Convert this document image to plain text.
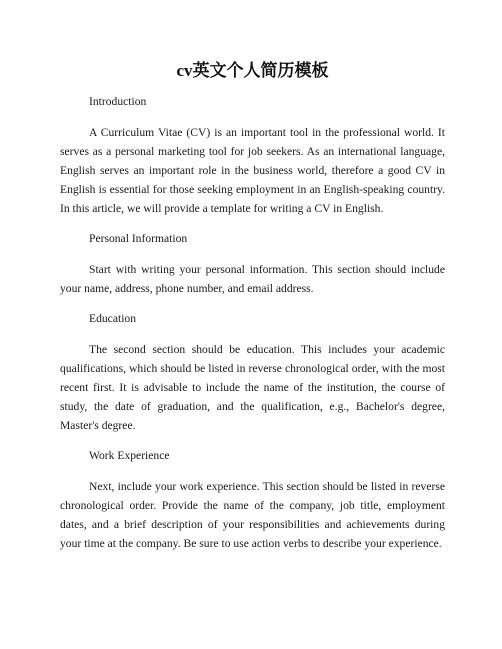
cv英文个人简历模板

Introduction

A Curriculum Vitae (CV) is an important tool in the professional world. It serves as a personal marketing tool for job seekers. As an international language, English serves an important role in the business world, therefore a good CV in English is essential for those seeking employment in an English-speaking country. In this article, we will provide a template for writing a CV in English.

Personal Information

Start with writing your personal information. This section should include your name, address, phone number, and email address.

Education

The second section should be education. This includes your academic qualifications, which should be listed in reverse chronological order, with the most recent first. It is advisable to include the name of the institution, the course of study, the date of graduation, and the qualification, e.g., Bachelor's degree, Master's degree.

Work Experience

Next, include your work experience. This section should be listed in reverse chronological order. Provide the name of the company, job title, employment dates, and a brief description of your responsibilities and achievements during your time at the company. Be sure to use action verbs to describe your experience.
